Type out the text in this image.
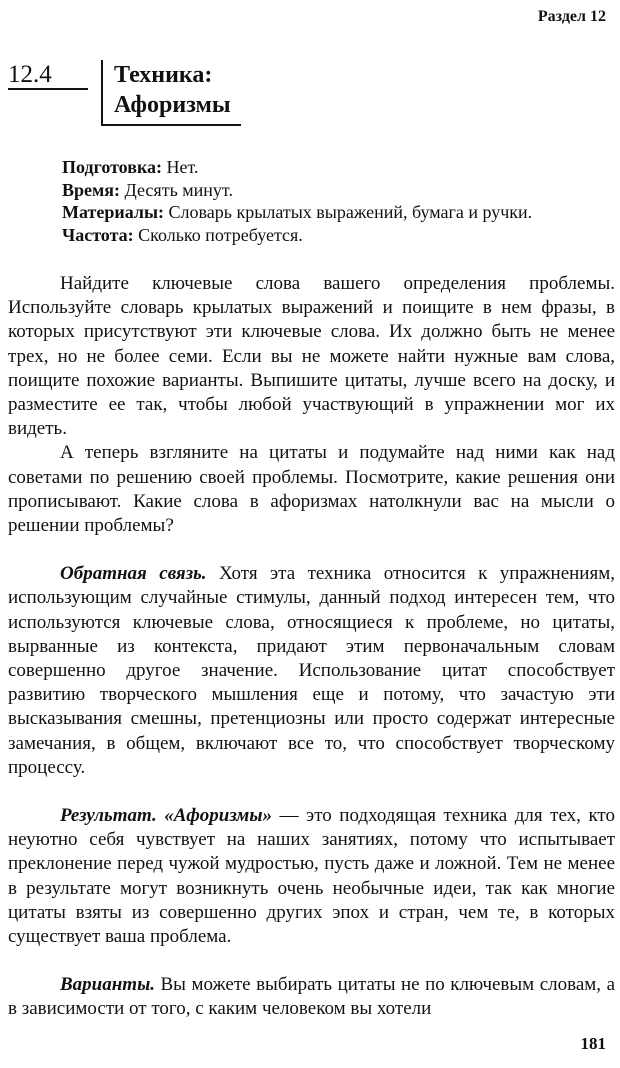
Раздел 12
12.4	Техника:
Афоризмы
Подготовка: Нет.
Время: Десять минут.
Материалы: Словарь крылатых выражений, бумага и ручки.
Частота: Сколько потребуется.

Найдите ключевые слова вашего определения проблемы. Используйте словарь крылатых выражений и поищите в нем фразы, в которых присутствуют эти ключевые слова. Их должно быть не менее трех, но не более семи. Если вы не можете найти нужные вам слова, поищите похожие варианты. Выпишите цитаты, лучше всего на доску, и разместите ее так, чтобы любой участвующий в упражнении мог их видеть.

А теперь взгляните на цитаты и подумайте над ними как над советами по решению своей проблемы. Посмотрите, какие решения они прописывают. Какие слова в афоризмах натолкнули вас на мысли о решении проблемы?

Обратная связь. Хотя эта техника относится к упражнениям, использующим случайные стимулы, данный подход интересен тем, что используются ключевые слова, относящиеся к проблеме, но цитаты, вырванные из контекста, придают этим первоначальным словам совершенно другое значение. Использование цитат способствует развитию творческого мышления еще и потому, что зачастую эти высказывания смешны, претенциозны или просто содержат интересные замечания, в общем, включают все то, что способствует творческому процессу.

Результат. «Афоризмы» — это подходящая техника для тех, кто неуютно себя чувствует на наших занятиях, потому что испытывает преклонение перед чужой мудростью, пусть даже и ложной. Тем не менее в результате могут возникнуть очень необычные идеи, так как многие цитаты взяты из совершенно других эпох и стран, чем те, в которых существует ваша проблема.

Варианты. Вы можете выбирать цитаты не по ключевым словам, а в зависимости от того, с каким человеком вы хотели

181
